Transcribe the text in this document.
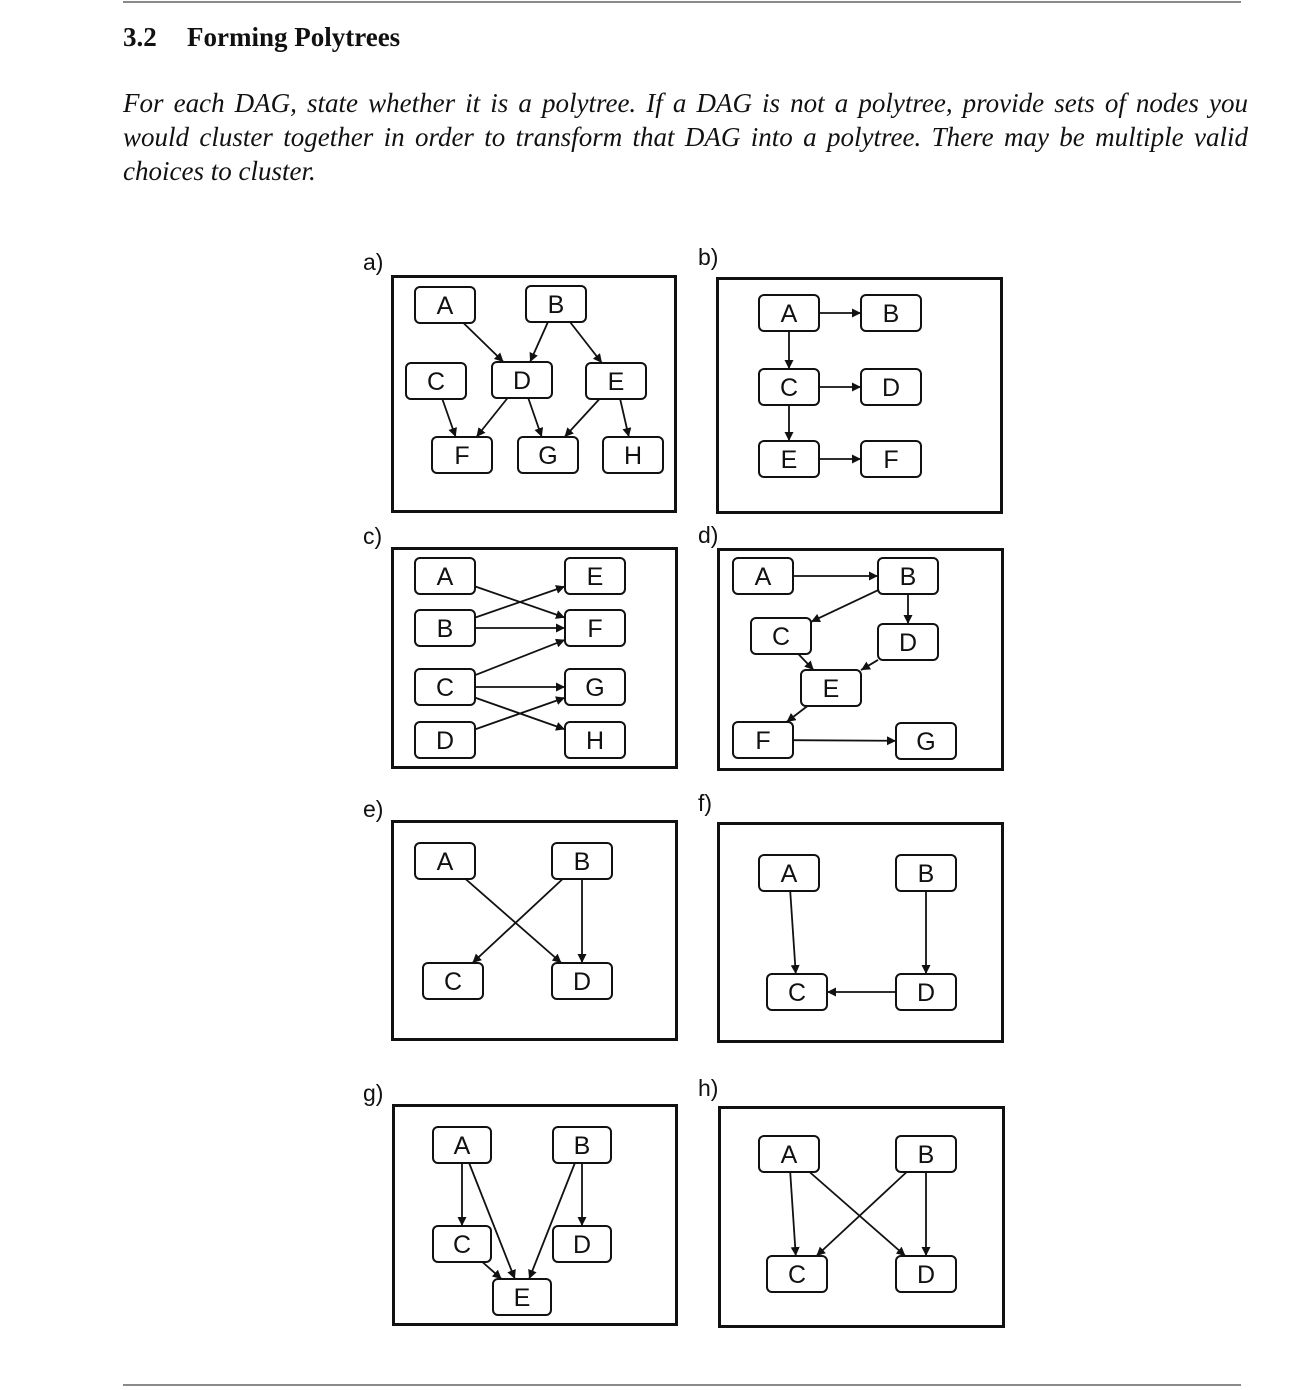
3.2 Forming Polytrees

For each DAG, state whether it is a polytree. If a DAG is not a polytree, provide sets of nodes you would cluster together in order to transform that DAG into a polytree. There may be multiple valid choices to cluster.

a)	b)
c)	d)
e)	f)
g)	h)
A	B
C	D	E
F	G	H
A	B
C	D
E	F
A
B
C
D
E
F
G
H
A	B
C	D
E
F	G
A	B
C	D
A	B
C	D
A	B
C	D
E
A	B
C	D
